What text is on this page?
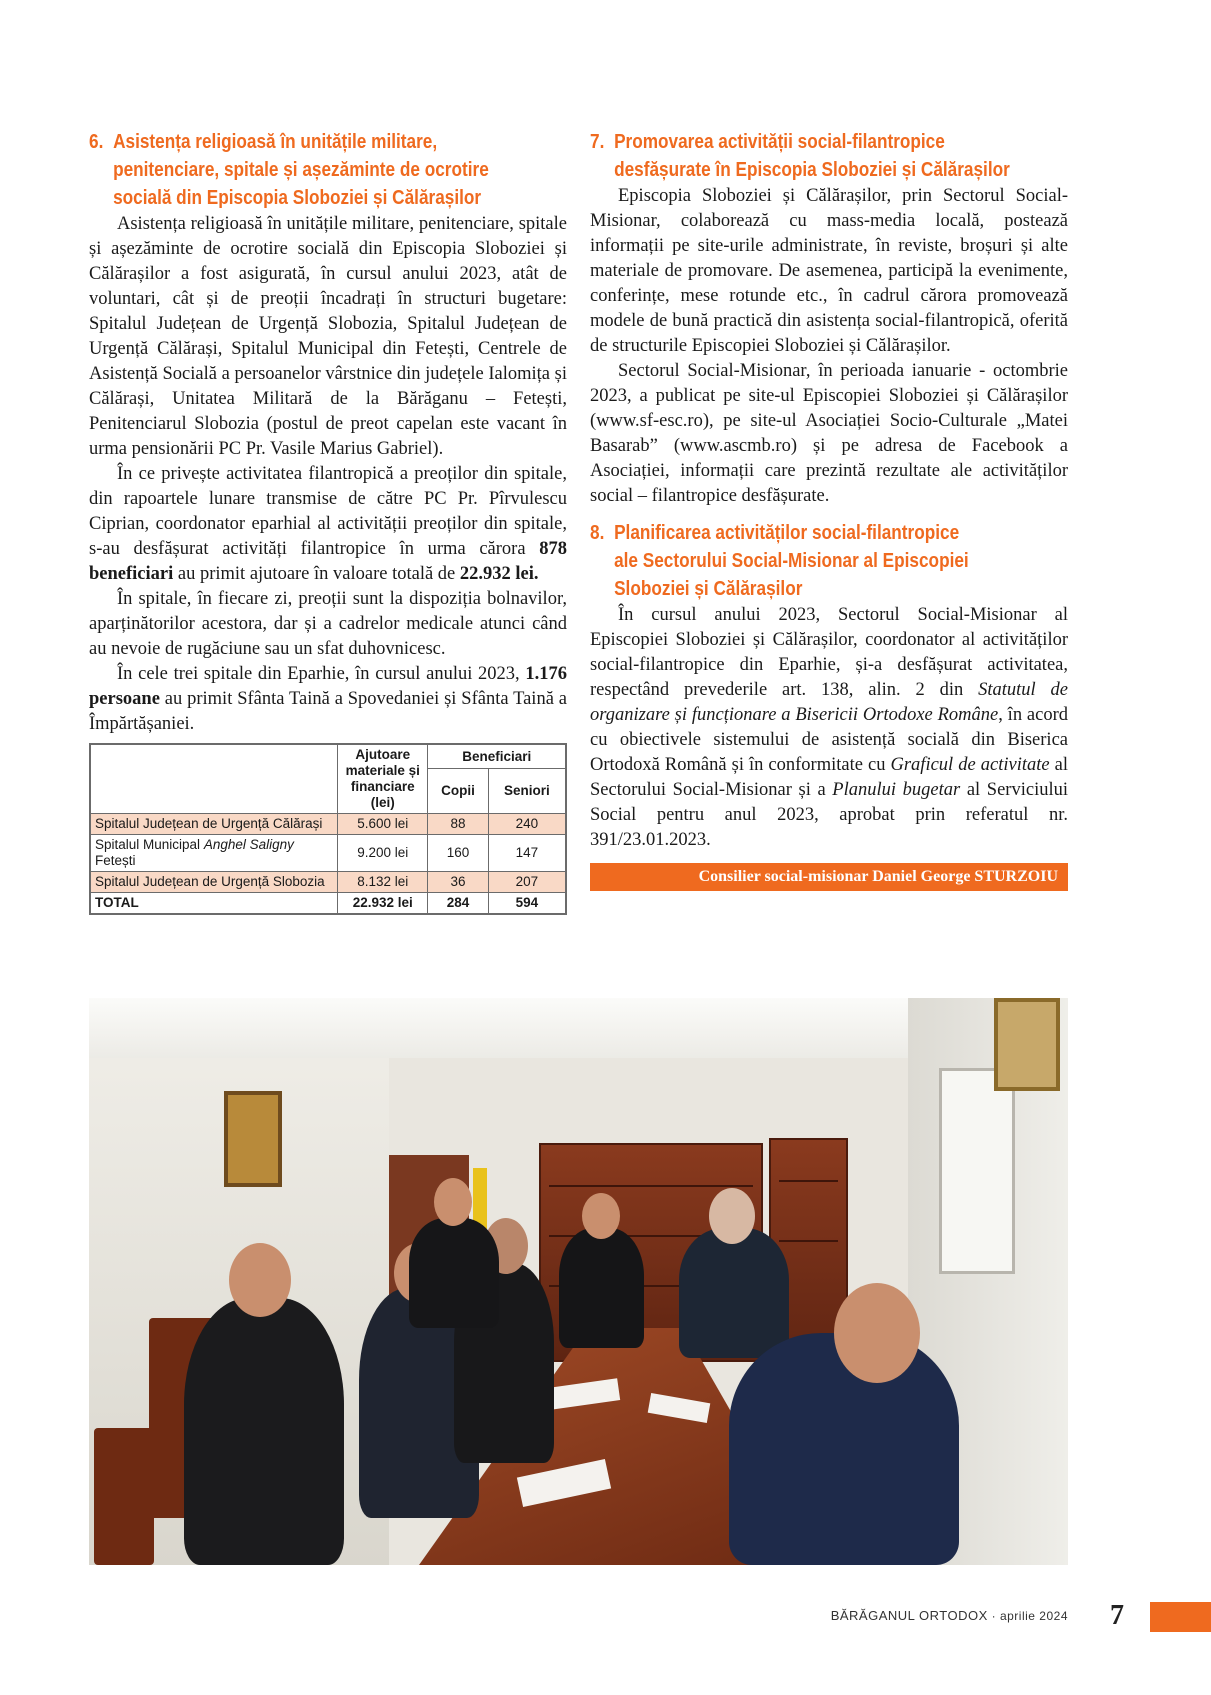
6. Asistența religioasă în unitățile militare,
penitenciare, spitale și așezăminte de ocrotire
socială din Episcopia Sloboziei și Călărașilor

Asistența religioasă în unitățile militare, penitenciare, spitale și așezăminte de ocrotire socială din Episcopia Sloboziei și Călărașilor a fost asigurată, în cursul anului 2023, atât de voluntari, cât și de preoții încadrați în structuri bugetare: Spitalul Județean de Urgență Slobozia, Spitalul Județean de Urgență Călărași, Spitalul Municipal din Fetești, Centrele de Asistență Socială a persoanelor vârstnice din județele Ialomița și Călărași, Unitatea Militară de la Bărăganu – Fetești, Penitenciarul Slobozia (postul de preot capelan este vacant în urma pensionării PC Pr. Vasile Marius Gabriel).

În ce privește activitatea filantropică a preoților din spitale, din rapoartele lunare transmise de către PC Pr. Pîrvulescu Ciprian, coordonator eparhial al activității preoților din spitale, s-au desfășurat activități filantropice în urma cărora 878 beneficiari au primit ajutoare în valoare totală de 22.932 lei.

În spitale, în fiecare zi, preoții sunt la dispoziția bolnavilor, aparținătorilor acestora, dar și a cadrelor medicale atunci când au nevoie de rugăciune sau un sfat duhovnicesc.

În cele trei spitale din Eparhie, în cursul anului 2023, 1.176 persoane au primit Sfânta Taină a Spovedaniei și Sfânta Taină a Împărtășaniei.

	Ajutoare materiale și financiare (lei)	Beneficiari	
		Copii	Seniori
Spitalul Județean de Urgență Călărași	5.600 lei	88	240
Spitalul Municipal Anghel Saligny Fetești	9.200 lei	160	147
Spitalul Județean de Urgență Slobozia	8.132 lei	36	207
TOTAL	22.932 lei	284	594
7. Promovarea activității social-filantropice
desfășurate în Episcopia Sloboziei și Călărașilor

Episcopia Sloboziei și Călărașilor, prin Sectorul Social-Misionar, colaborează cu mass-media locală, postează informații pe site-urile administrate, în reviste, broșuri și alte materiale de promovare. De asemenea, participă la evenimente, conferințe, mese rotunde etc., în cadrul cărora promovează modele de bună practică din asistența social-filantropică, oferită de structurile Episcopiei Sloboziei și Călărașilor.

Sectorul Social-Misionar, în perioada ianuarie - octombrie 2023, a publicat pe site-ul Episcopiei Sloboziei și Călărașilor (www.sf-esc.ro), pe site-ul Asociației Socio-Culturale „Matei Basarab” (www.ascmb.ro) și pe adresa de Facebook a Asociației, informații care prezintă rezultate ale activităților social – filantropice desfășurate.

8. Planificarea activităților social-filantropice
ale Sectorului Social-Misionar al Episcopiei
Sloboziei și Călărașilor

În cursul anului 2023, Sectorul Social-Misionar al Episcopiei Sloboziei și Călărașilor, coordonator al activităților social-filantropice din Eparhie, și-a desfășurat activitatea, respectând prevederile art. 138, alin. 2 din Statutul de organizare și funcționare a Bisericii Ortodoxe Române, în acord cu obiectivele sistemului de asistență socială din Biserica Ortodoxă Română și în conformitate cu Graficul de activitate al Sectorului Social-Misionar și a Planului bugetar al Serviciului Social pentru anul 2023, aprobat prin referatul nr. 391/23.01.2023.

Consilier social-misionar Daniel George STURZOIU
BĂRĂGANUL ORTODOX · aprilie 2024 7
